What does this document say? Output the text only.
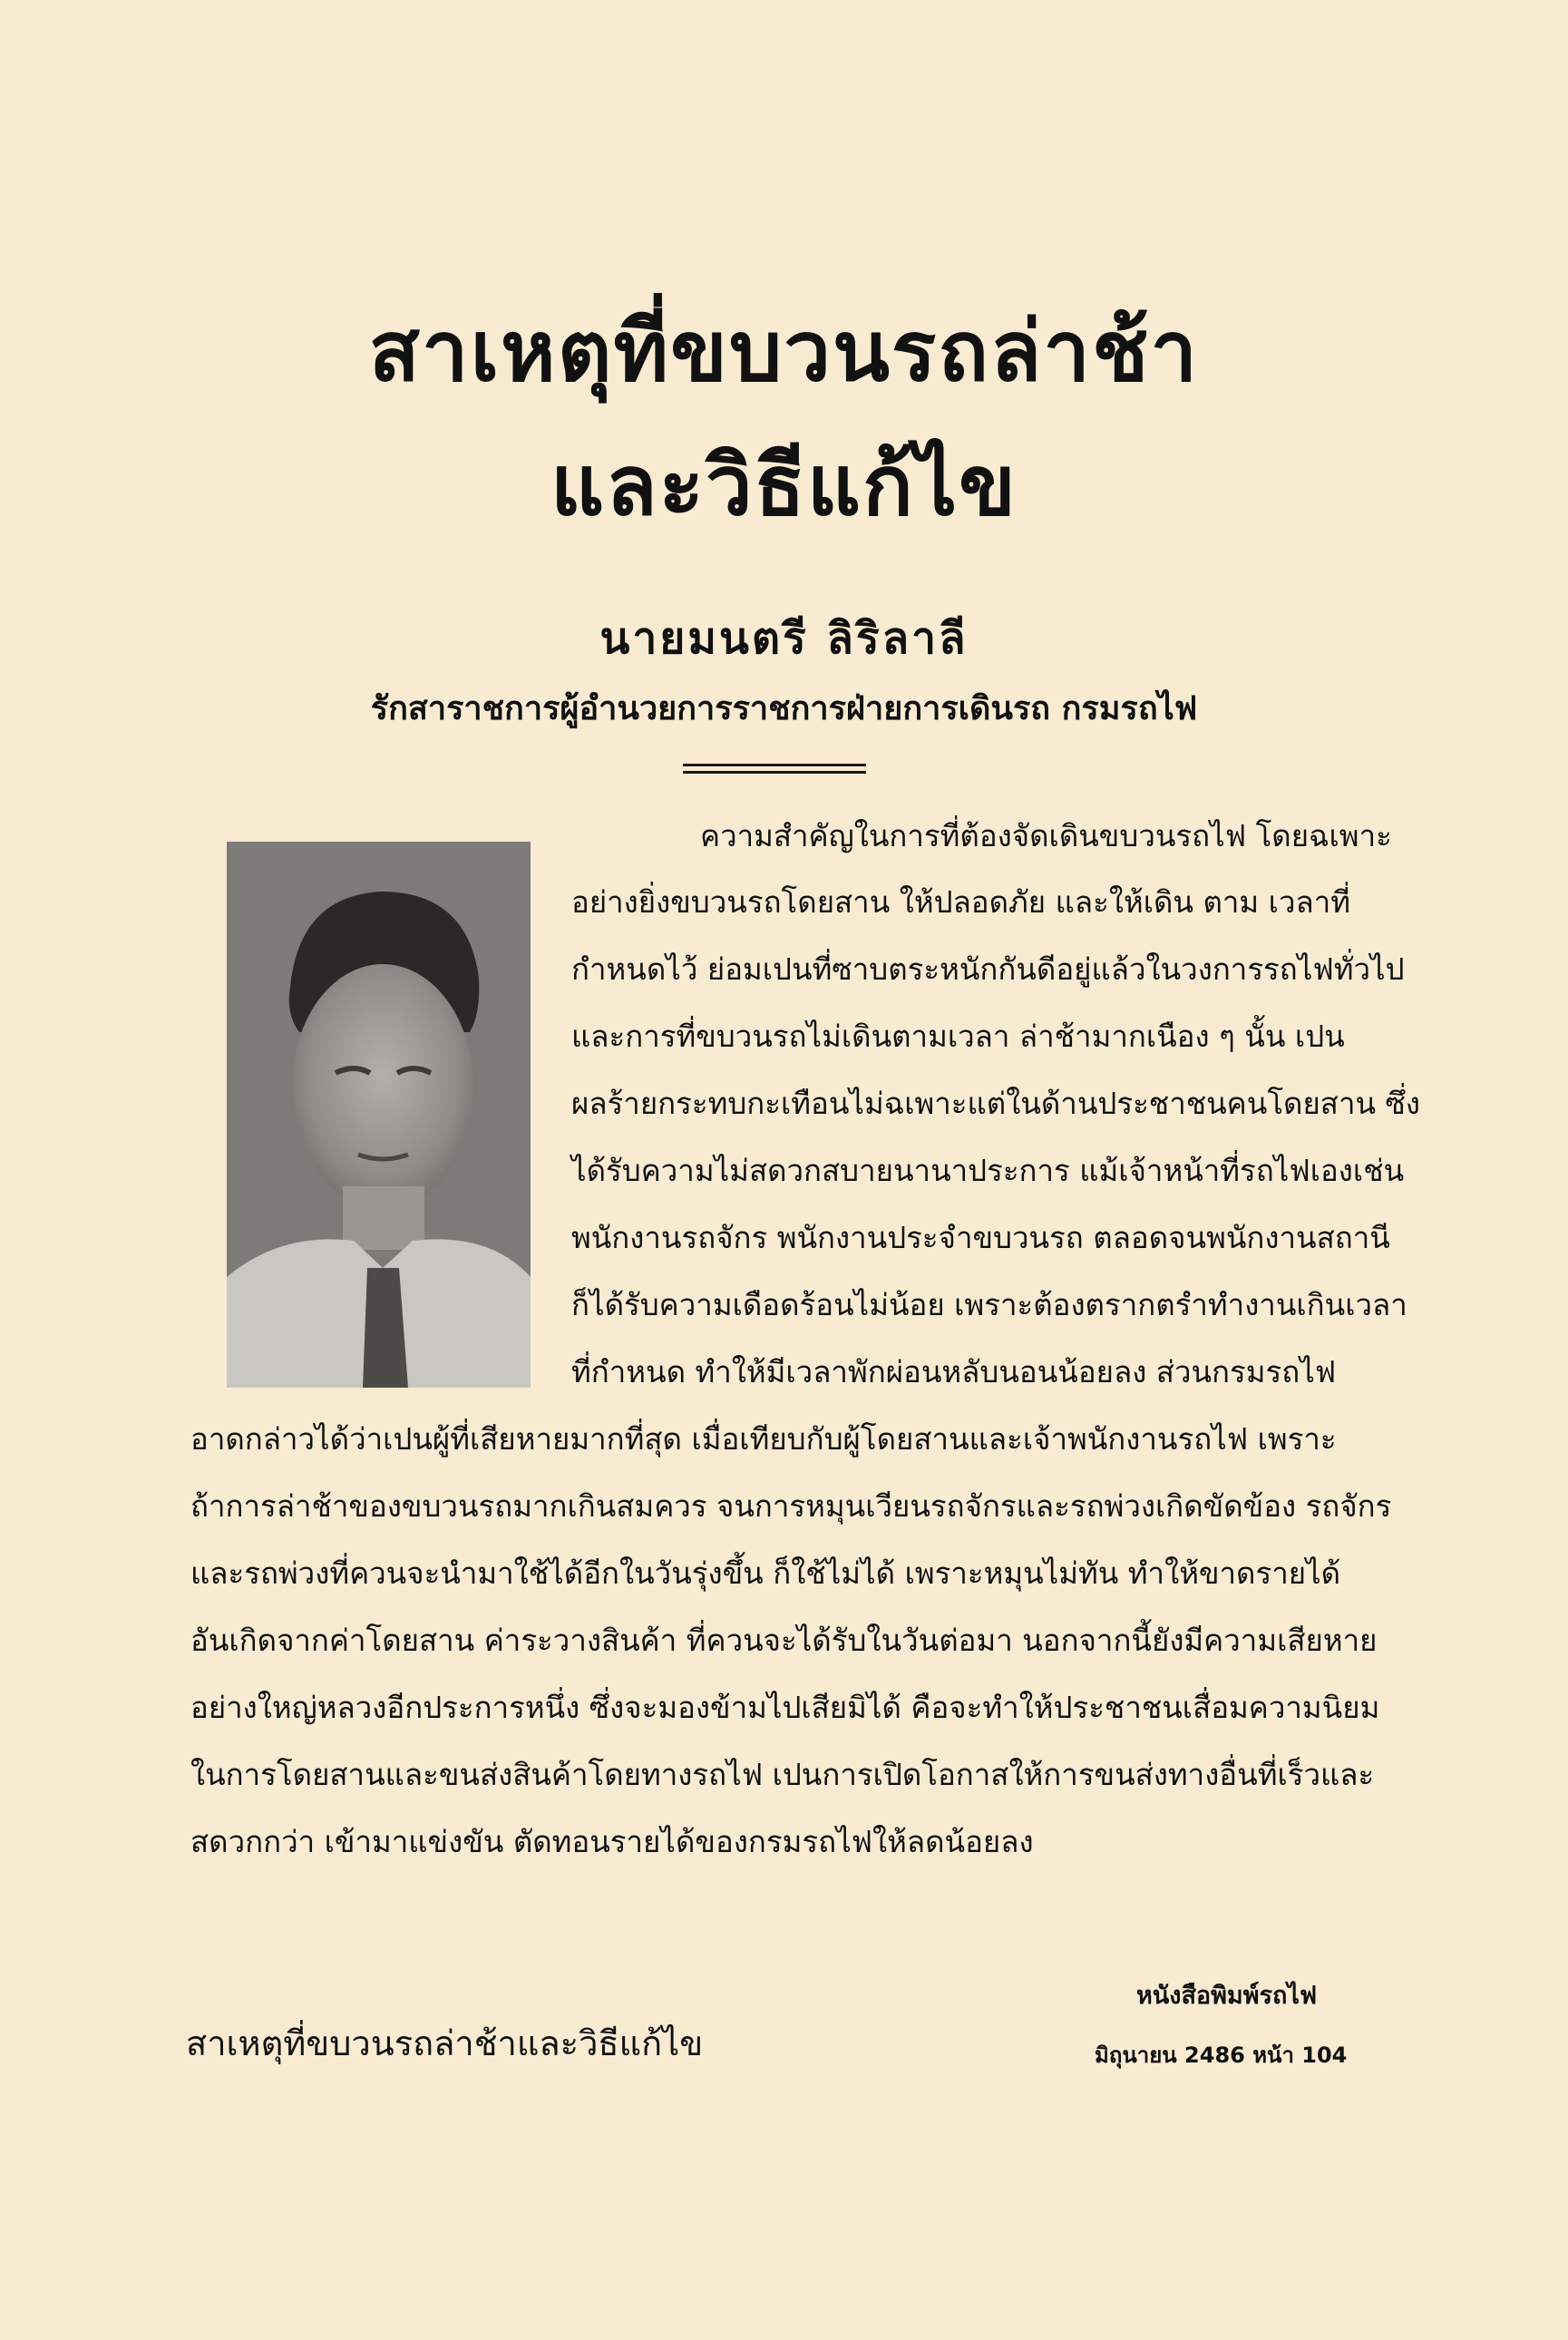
สาเหตุที่ขบวนรถล่าช้า
และวิธีแก้ไข
นายมนตรี ลิริลาลี
รักสาราชการผู้อำนวยการราชการฝ่ายการเดินรถ กรมรถไฟ
ความสำคัญในการที่ต้องจัดเดินขบวนรถไฟ โดยฉเพาะ
อย่างยิ่งขบวนรถโดยสาน ให้ปลอดภัย และให้เดิน ตาม เวลาที่
กำหนดไว้ ย่อมเปนที่ซาบตระหนักกันดีอยู่แล้วในวงการรถไฟทั่วไป
และการที่ขบวนรถไม่เดินตามเวลา ล่าช้ามากเนือง ๆ นั้น เปน
ผลร้ายกระทบกะเทือนไม่ฉเพาะแต่ในด้านประชาชนคนโดยสาน ซึ่ง
ได้รับความไม่สดวกสบายนานาประการ แม้เจ้าหน้าที่รถไฟเองเช่น
พนักงานรถจักร พนักงานประจำขบวนรถ ตลอดจนพนักงานสถานี
ก็ได้รับความเดือดร้อนไม่น้อย เพราะต้องตรากตรำทำงานเกินเวลา
ที่กำหนด ทำให้มีเวลาพักผ่อนหลับนอนน้อยลง ส่วนกรมรถไฟ
อาดกล่าวได้ว่าเปนผู้ที่เสียหายมากที่สุด เมื่อเทียบกับผู้โดยสานและเจ้าพนักงานรถไฟ เพราะ
ถ้าการล่าช้าของขบวนรถมากเกินสมควร จนการหมุนเวียนรถจักรและรถพ่วงเกิดขัดข้อง รถจักร
และรถพ่วงที่ควนจะนำมาใช้ได้อีกในวันรุ่งขึ้น ก็ใช้ไม่ได้ เพราะหมุนไม่ทัน ทำให้ขาดรายได้
อันเกิดจากค่าโดยสาน ค่าระวางสินค้า ที่ควนจะได้รับในวันต่อมา นอกจากนี้ยังมีความเสียหาย
อย่างใหญ่หลวงอีกประการหนึ่ง ซึ่งจะมองข้ามไปเสียมิได้ คือจะทำให้ประชาชนเสื่อมความนิยม
ในการโดยสานและขนส่งสินค้าโดยทางรถไฟ เปนการเปิดโอกาสให้การขนส่งทางอื่นที่เร็วและ
สดวกกว่า เข้ามาแข่งขัน ตัดทอนรายได้ของกรมรถไฟให้ลดน้อยลง
สาเหตุที่ขบวนรถล่าช้าและวิธีแก้ไข
หนังสือพิมพ์รถไฟ
มิถุนายน 2486 หน้า 104
